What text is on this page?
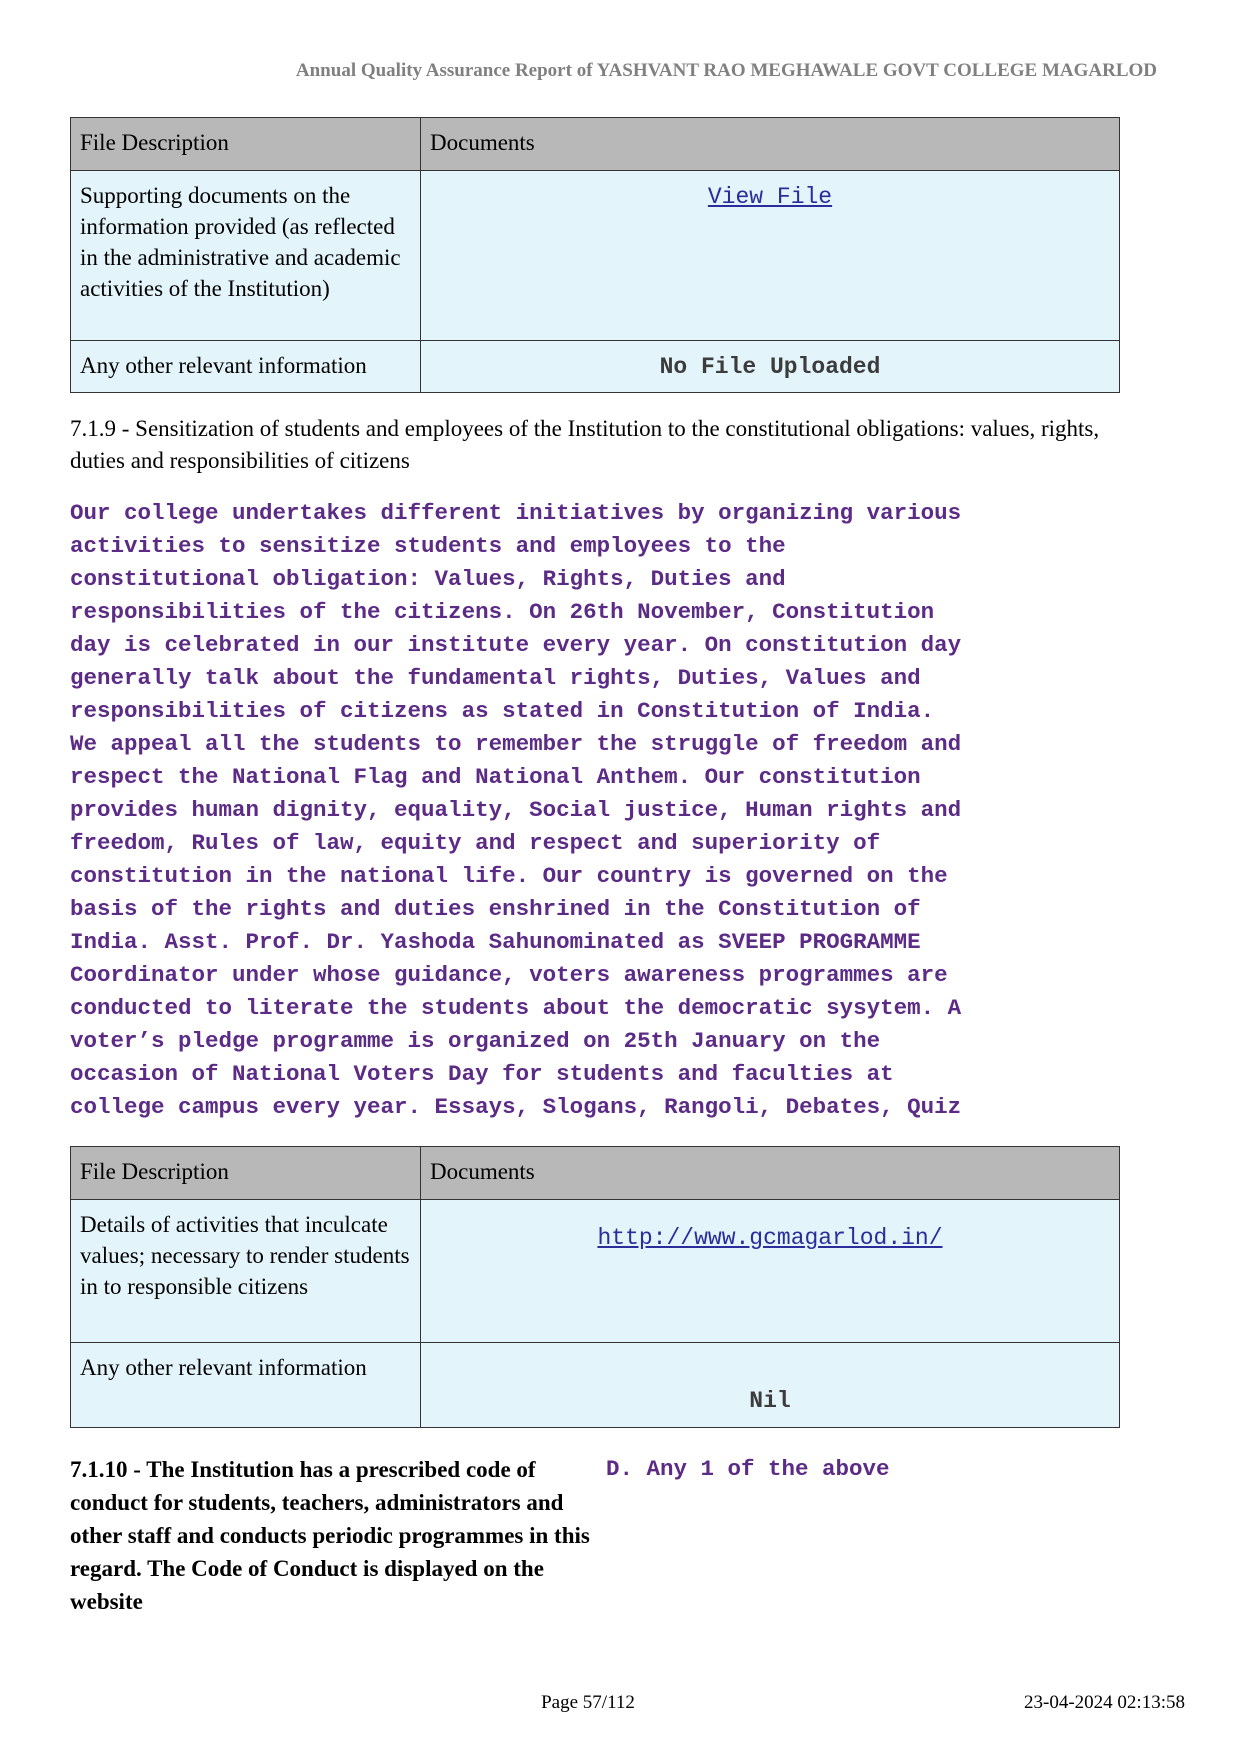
Annual Quality Assurance Report of YASHVANT RAO MEGHAWALE GOVT COLLEGE MAGARLOD
File Description	Documents
Supporting documents on the information provided (as reflected in the administrative and academic activities of the Institution)	View File
Any other relevant information	No File Uploaded
7.1.9 - Sensitization of students and employees of the Institution to the constitutional obligations: values, rights, duties and responsibilities of citizens
Our college undertakes different initiatives by organizing various
activities to sensitize students and employees to the
constitutional obligation: Values, Rights, Duties and
responsibilities of the citizens. On 26th November, Constitution
day is celebrated in our institute every year. On constitution day
generally talk about the fundamental rights, Duties, Values and
responsibilities of citizens as stated in Constitution of India.
We appeal all the students to remember the struggle of freedom and
respect the National Flag and National Anthem. Our constitution
provides human dignity, equality, Social justice, Human rights and
freedom, Rules of law, equity and respect and superiority of
constitution in the national life. Our country is governed on the
basis of the rights and duties enshrined in the Constitution of
India. Asst. Prof. Dr. Yashoda Sahunominated as SVEEP PROGRAMME
Coordinator under whose guidance, voters awareness programmes are
conducted to literate the students about the democratic sysytem. A
voter’s pledge programme is organized on 25th January on the
occasion of National Voters Day for students and faculties at
college campus every year. Essays, Slogans, Rangoli, Debates, Quiz
File Description	Documents
Details of activities that inculcate values; necessary to render students in to responsible citizens	http://www.gcmagarlod.in/
Any other relevant information	Nil
7.1.10 - The Institution has a prescribed code of conduct for students, teachers, administrators and other staff and conducts periodic programmes in this regard. The Code of Conduct is displayed on the website
D. Any 1 of the above
Page 57/112	23-04-2024 02:13:58
